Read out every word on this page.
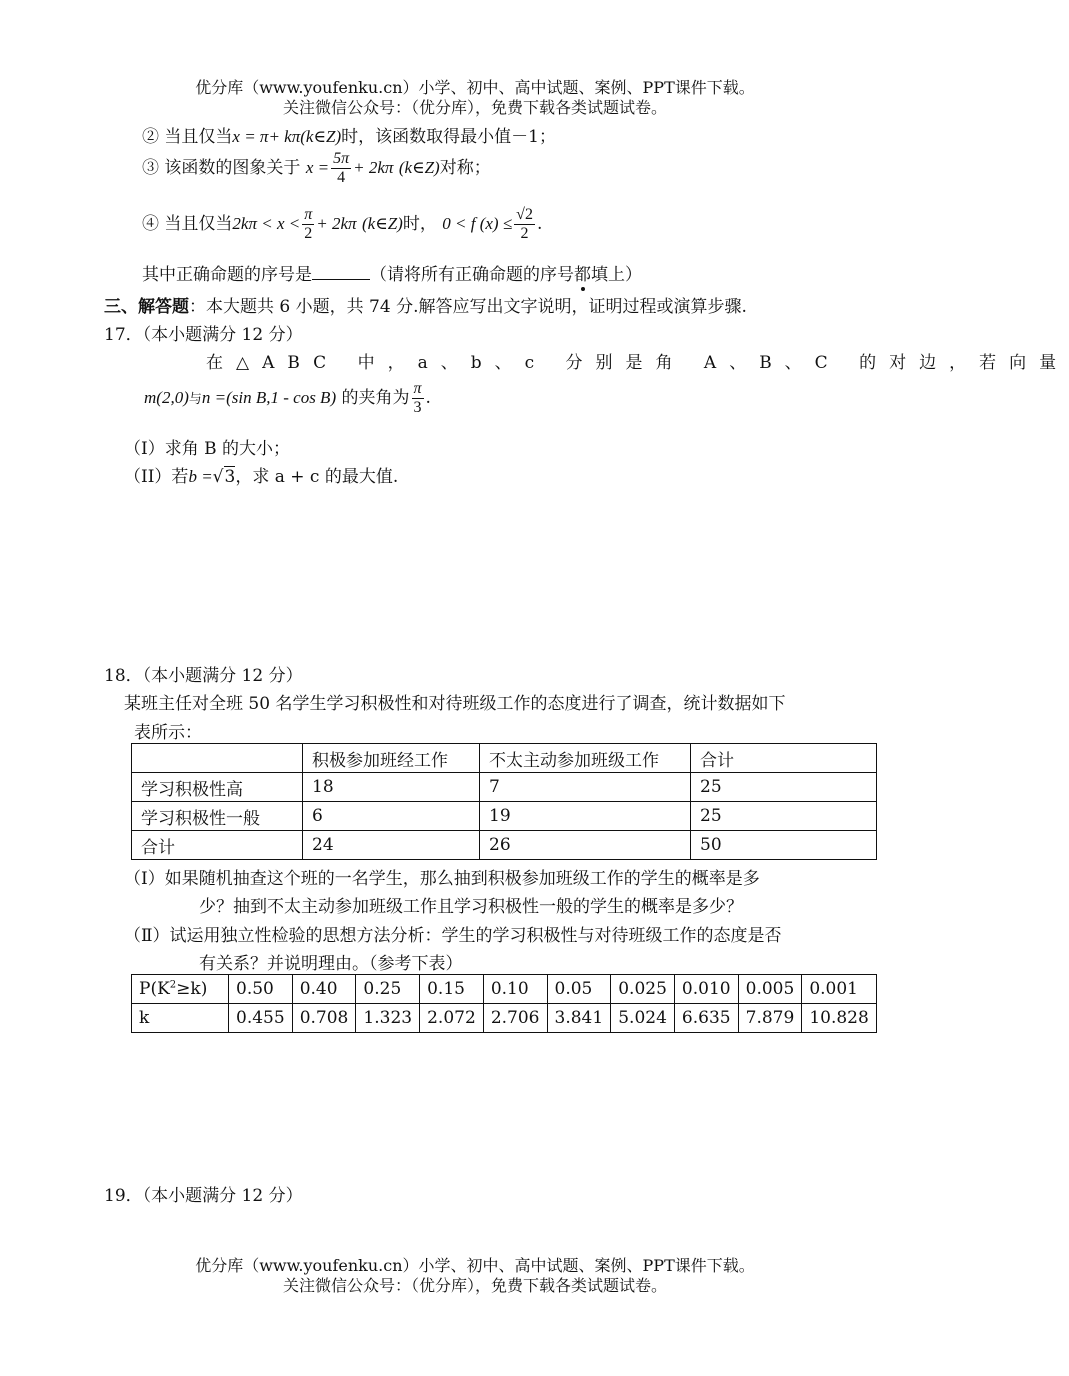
优分库（www.youfenku.cn）小学、初中、高中试题、案例、PPT课件下载。
关注微信公众号：（优分库），免费下载各类试题试卷。
② 当且仅当x = π+ kπ(k∈Z)时，该函数取得最小值－1；
③ 该函数的图象关于 $x = \frac{5\pi}{4} + 2k\pi$ (k∈Z)对称；
④ 当且仅当$2k\pi < x < \frac{\pi}{2} + 2k\pi$ (k∈Z)时， 0 < f $(x) \le \frac{√2}{2}$ .
其中正确命题的序号是	（请将所有正确命题的序号都填上）
三、解答题：本大题共 6 小题，共 74 分.解答应写出文字说明，证明过程或演算步骤.
17．（本小题满分 12 分）
在△ABC 中，a、b、c 分别是角 A、B、C 的对边，若向量
m(2,0)与n =(sin B,1 - cos B) 的夹角为 $\frac{\pi}{3}$ .
（I）求角 B 的大小；
（II）若b =√3，求 a + c 的最大值.
18．（本小题满分 12 分）
某班主任对全班 50 名学生学习积极性和对待班级工作的态度进行了调查，统计数据如下
表所示：
	积极参加班经工作	不太主动参加班级工作	合计
学习积极性高	18	7	25
学习积极性一般	6	19	25
合计	24	26	50
（Ⅰ）如果随机抽查这个班的一名学生，那么抽到积极参加班级工作的学生的概率是多
少？抽到不太主动参加班级工作且学习积极性一般的学生的概率是多少？
（Ⅱ）试运用独立性检验的思想方法分析：学生的学习积极性与对待班级工作的态度是否
有关系？并说明理由。（参考下表）
$P(K^2\ge k)$	0.50	0.40	0.25	0.15	0.10	0.05	0.025	0.010	0.005	0.001
k	0.455	0.708	1.323	2.072	2.706	3.841	5.024	6.635	7.879	10.828
19．（本小题满分 12 分）
优分库（www.youfenku.cn）小学、初中、高中试题、案例、PPT课件下载。
关注微信公众号：（优分库），免费下载各类试题试卷。
